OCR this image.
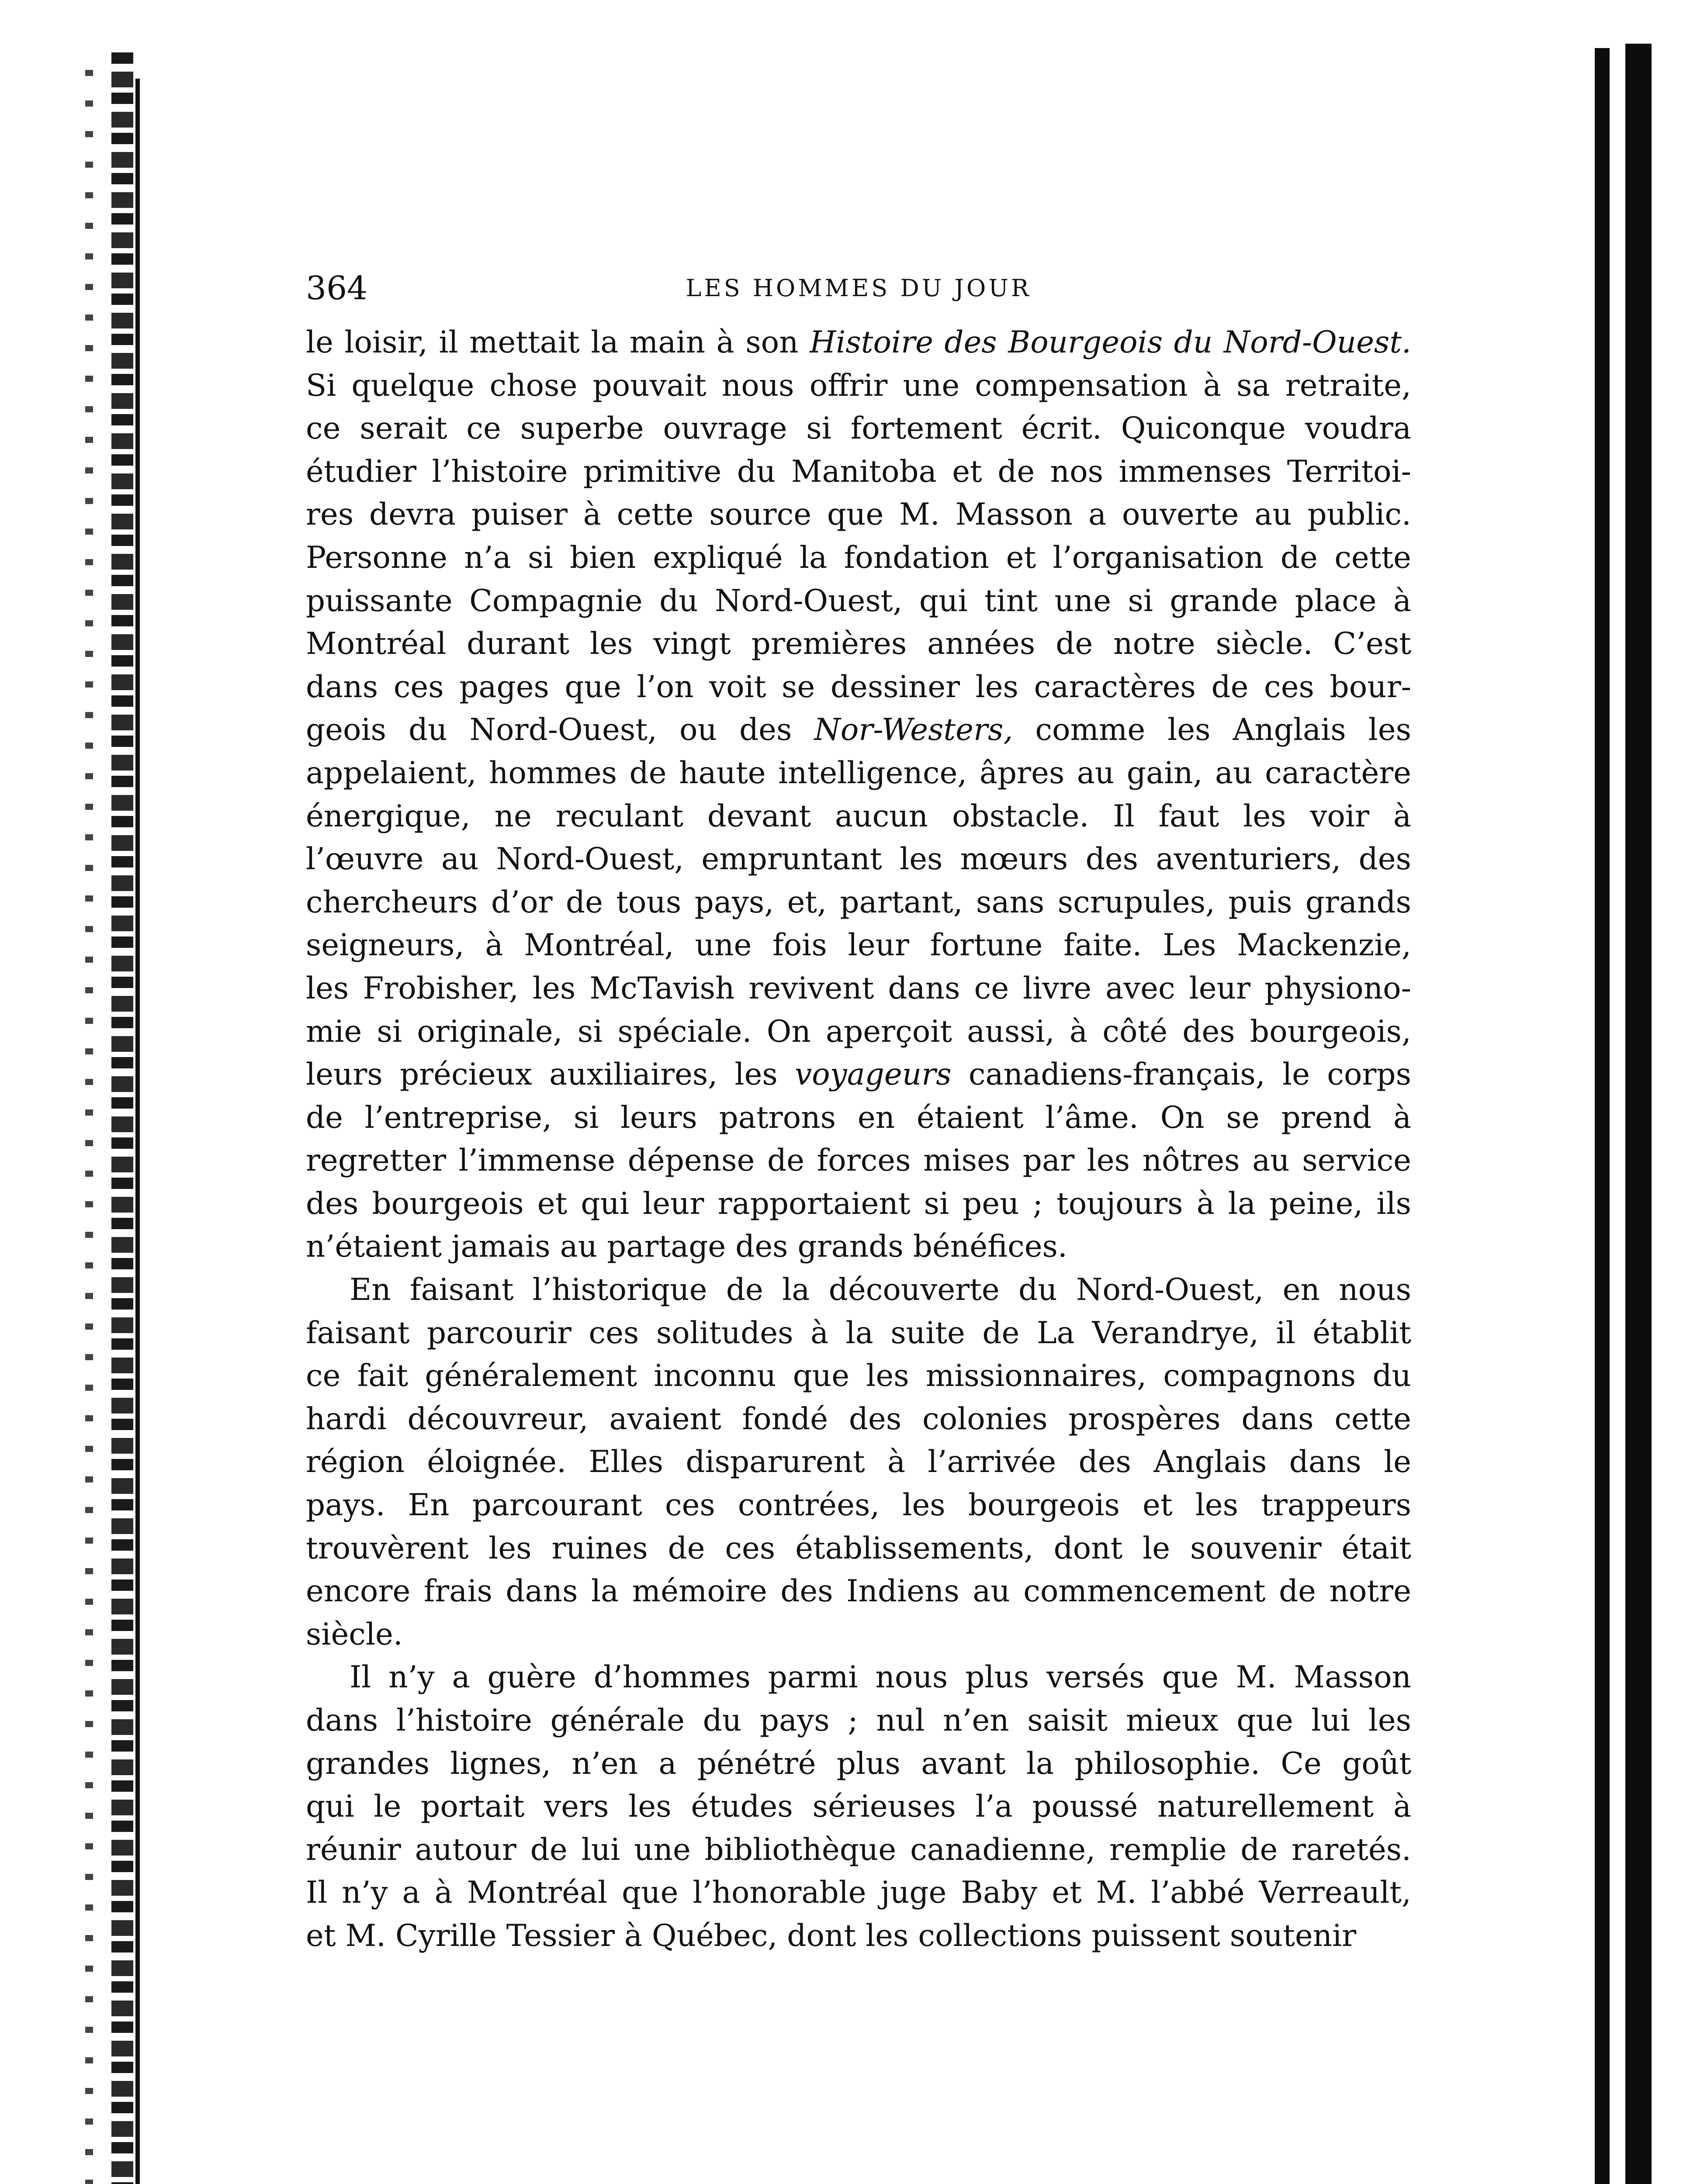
364	LES HOMMES DU JOUR
le loisir, il mettait la main à son Histoire des Bourgeois du Nord-Ouest.
Si quelque chose pouvait nous offrir une compensation à sa retraite,
ce serait ce superbe ouvrage si fortement écrit. Quiconque voudra
étudier l’histoire primitive du Manitoba et de nos immenses Territoi-
res devra puiser à cette source que M. Masson a ouverte au public.
Personne n’a si bien expliqué la fondation et l’organisation de cette
puissante Compagnie du Nord-Ouest, qui tint une si grande place à
Montréal durant les vingt premières années de notre siècle. C’est
dans ces pages que l’on voit se dessiner les caractères de ces bour-
geois du Nord-Ouest, ou des Nor-Westers, comme les Anglais les
appelaient, hommes de haute intelligence, âpres au gain, au caractère
énergique, ne reculant devant aucun obstacle. Il faut les voir à
l’œuvre au Nord-Ouest, empruntant les mœurs des aventuriers, des
chercheurs d’or de tous pays, et, partant, sans scrupules, puis grands
seigneurs, à Montréal, une fois leur fortune faite. Les Mackenzie,
les Frobisher, les McTavish revivent dans ce livre avec leur physiono-
mie si originale, si spéciale. On aperçoit aussi, à côté des bourgeois,
leurs précieux auxiliaires, les voyageurs canadiens-français, le corps
de l’entreprise, si leurs patrons en étaient l’âme. On se prend à
regretter l’immense dépense de forces mises par les nôtres au service
des bourgeois et qui leur rapportaient si peu ; toujours à la peine, ils
n’étaient jamais au partage des grands bénéfices.
En faisant l’historique de la découverte du Nord-Ouest, en nous
faisant parcourir ces solitudes à la suite de La Verandrye, il établit
ce fait généralement inconnu que les missionnaires, compagnons du
hardi découvreur, avaient fondé des colonies prospères dans cette
région éloignée. Elles disparurent à l’arrivée des Anglais dans le
pays. En parcourant ces contrées, les bourgeois et les trappeurs
trouvèrent les ruines de ces établissements, dont le souvenir était
encore frais dans la mémoire des Indiens au commencement de notre
siècle.
Il n’y a guère d’hommes parmi nous plus versés que M. Masson
dans l’histoire générale du pays ; nul n’en saisit mieux que lui les
grandes lignes, n’en a pénétré plus avant la philosophie. Ce goût
qui le portait vers les études sérieuses l’a poussé naturellement à
réunir autour de lui une bibliothèque canadienne, remplie de raretés.
Il n’y a à Montréal que l’honorable juge Baby et M. l’abbé Verreault,
et M. Cyrille Tessier à Québec, dont les collections puissent soutenir
